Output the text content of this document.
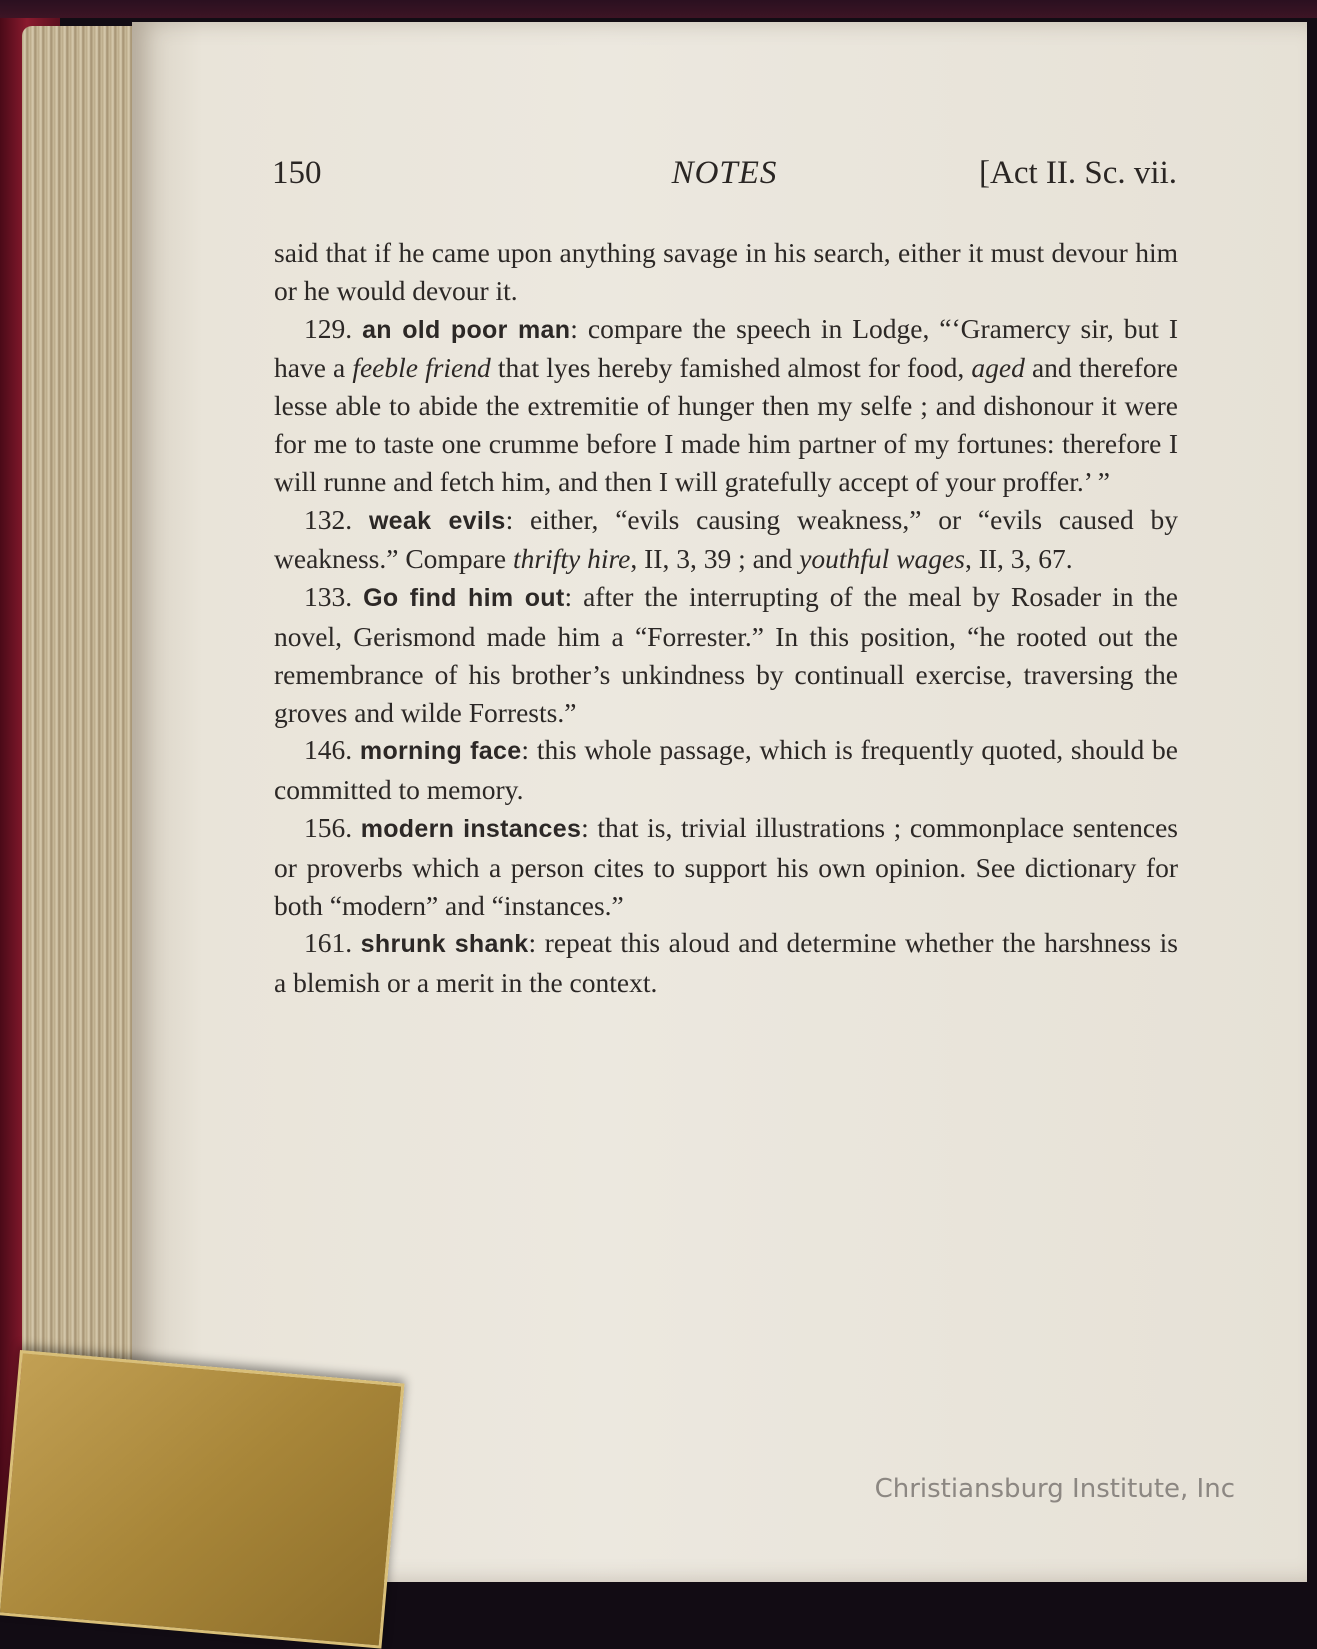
150	NOTES	[Act II. Sc. vii.

said that if he came upon anything savage in his search, either it must devour him or he would devour it.

129. an old poor man: compare the speech in Lodge, “‘Gramercy sir, but I have a feeble friend that lyes hereby famished almost for food, aged and therefore lesse able to abide the extremitie of hunger then my selfe ; and dishonour it were for me to taste one crumme before I made him partner of my fortunes: therefore I will runne and fetch him, and then I will gratefully accept of your proffer.’ ”

132. weak evils: either, “evils causing weakness,” or “evils caused by weakness.” Compare thrifty hire, II, 3, 39 ; and youthful wages, II, 3, 67.

133. Go find him out: after the interrupting of the meal by Rosader in the novel, Gerismond made him a “Forrester.” In this position, “he rooted out the remembrance of his brother’s unkindness by continuall exercise, traversing the groves and wilde Forrests.”

146. morning face: this whole passage, which is frequently quoted, should be committed to memory.

156. modern instances: that is, trivial illustrations ; commonplace sentences or proverbs which a person cites to support his own opinion. See dictionary for both “modern” and “instances.”

161. shrunk shank: repeat this aloud and determine whether the harshness is a blemish or a merit in the context.

Christiansburg Institute, Inc
